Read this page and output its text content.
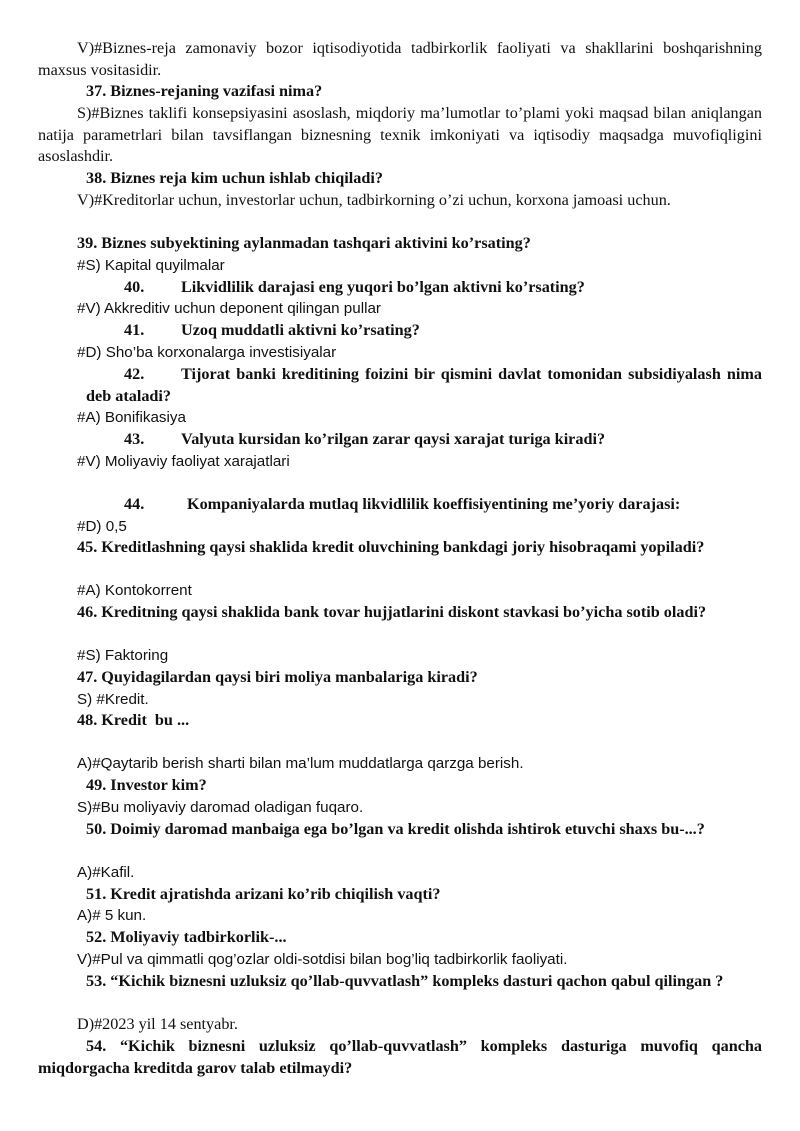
V)#Biznes-reja zamonaviy bozor iqtisodiyotida tadbirkorlik faoliyati va shakllarini boshqarishning maxsus vositasidir.
37. Biznes-rejaning vazifasi nima?
S)#Biznes taklifi konsepsiyasini asoslash, miqdoriy ma’lumotlar to’plami yoki maqsad bilan aniqlangan natija parametrlari bilan tavsiflangan biznesning texnik imkoniyati va iqtisodiy maqsadga muvofiqligini asoslashdir.
38. Biznes reja kim uchun ishlab chiqiladi?
V)#Kreditorlar uchun, investorlar uchun, tadbirkorning o’zi uchun, korxona jamoasi uchun.
39. Biznes subyektining aylanmadan tashqari aktivini ko’rsating?
#S) Kapital quyilmalar
40. Likvidlilik darajasi eng yuqori bo’lgan aktivni ko’rsating?
#V) Akkreditiv uchun deponent qilingan pullar
41. Uzoq muddatli aktivni ko’rsating?
#D) Sho’ba korxonalarga investisiyalar
42. Tijorat banki kreditining foizini bir qismini davlat tomonidan subsidiyalash nima deb ataladi?
#A) Bonifikasiya
43. Valyuta kursidan ko’rilgan zarar qaysi xarajat turiga kiradi?
#V) Moliyaviy faoliyat xarajatlari
44.	Kompaniyalarda mutlaq likvidlilik koeffisiyentining me’yoriy darajasi:
#D) 0,5
45. Kreditlashning qaysi shaklida kredit oluvchining bankdagi joriy hisobraqami yopiladi?
#A) Kontokorrent
46. Kreditning qaysi shaklida bank tovar hujjatlarini diskont stavkasi bo’yicha sotib oladi?
#S) Faktoring
47. Quyidagilardan qaysi biri moliya manbalariga kiradi?
S) #Kredit.
48. Kredit  bu ...
A)#Qaytarib berish sharti bilan ma’lum muddatlarga qarzga berish.
49. Investor kim?
S)#Bu moliyaviy daromad oladigan fuqaro.
50. Doimiy daromad manbaiga ega bo’lgan va kredit olishda ishtirok etuvchi shaxs bu-...?
A)#Kafil.
51. Kredit ajratishda arizani ko’rib chiqilish vaqti?
A)# 5 kun.
52. Moliyaviy tadbirkorlik-...
V)#Pul va qimmatli qog’ozlar oldi-sotdisi bilan bog’liq tadbirkorlik faoliyati.
53. “Kichik biznesni uzluksiz qo’llab-quvvatlash” kompleks dasturi qachon qabul qilingan ?
D)#2023 yil 14 sentyabr.
54. “Kichik biznesni uzluksiz qo’llab-quvvatlash” kompleks dasturiga muvofiq qancha miqdorgacha kreditda garov talab etilmaydi?
